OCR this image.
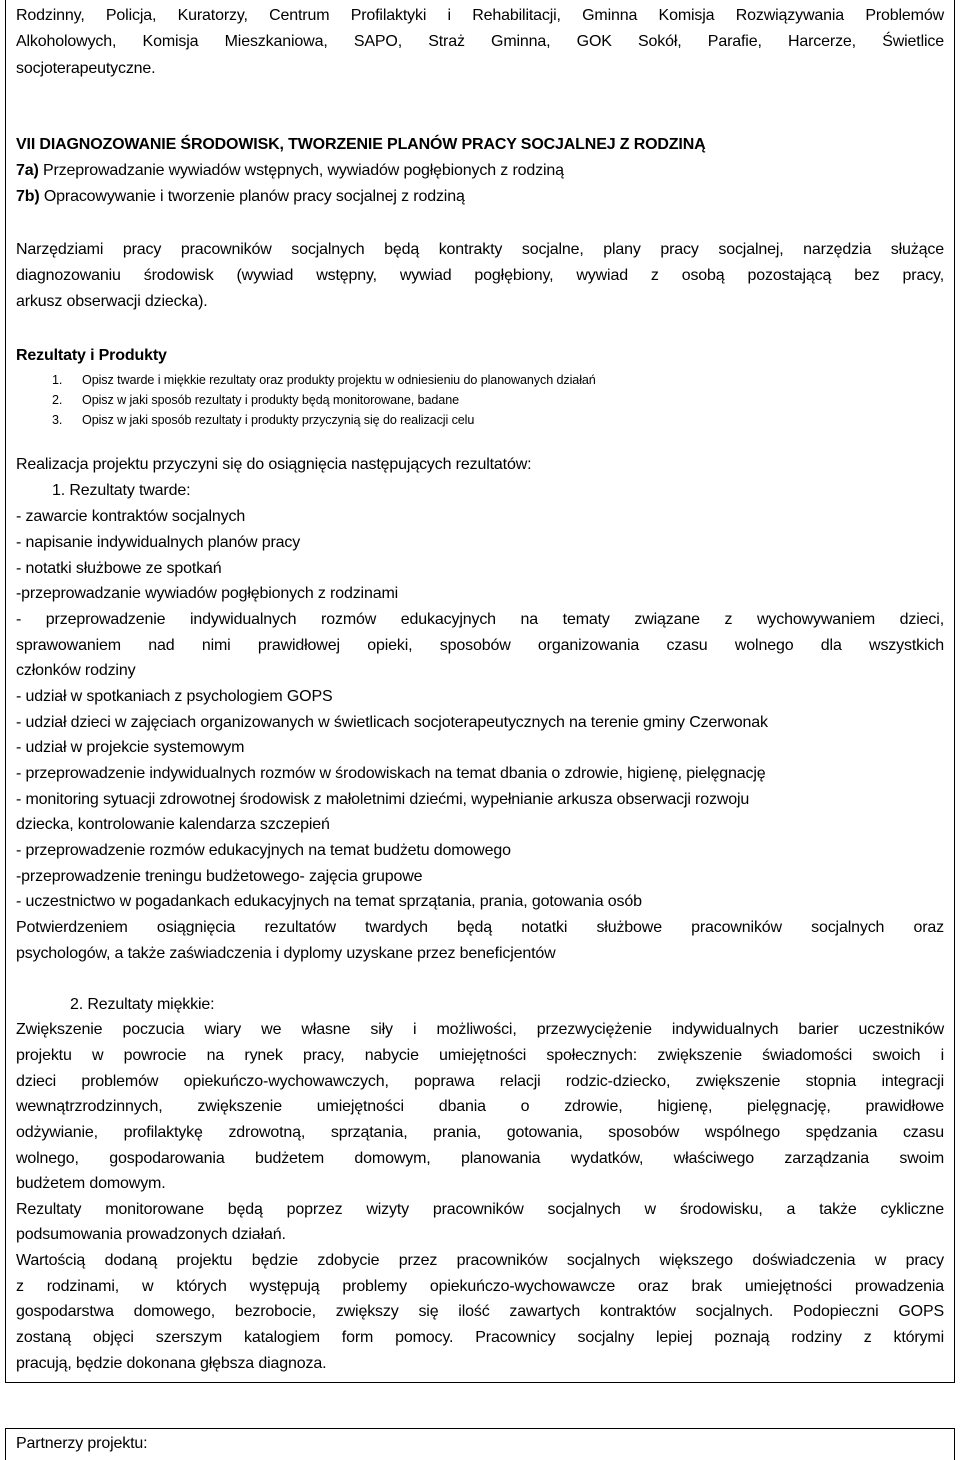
Rodzinny, Policja, Kuratorzy, Centrum Profilaktyki i Rehabilitacji, Gminna Komisja Rozwiązywania Problemów

Alkoholowych, Komisja Mieszkaniowa, SAPO, Straż Gminna, GOK Sokół, Parafie, Harcerze, Świetlice

socjoterapeutyczne.

VII DIAGNOZOWANIE ŚRODOWISK, TWORZENIE PLANÓW PRACY SOCJALNEJ Z RODZINĄ

7a) Przeprowadzanie wywiadów wstępnych, wywiadów pogłębionych z rodziną

7b) Opracowywanie i tworzenie planów pracy socjalnej z rodziną

Narzędziami pracy pracowników socjalnych będą kontrakty socjalne, plany pracy socjalnej, narzędzia służące

diagnozowaniu środowisk (wywiad wstępny, wywiad pogłębiony, wywiad z osobą pozostającą bez pracy,

arkusz obserwacji dziecka).

Rezultaty i Produkty

1. Opisz twarde i miękkie rezultaty oraz produkty projektu w odniesieniu do planowanych działań

2. Opisz w jaki sposób rezultaty i produkty będą monitorowane, badane

3. Opisz w jaki sposób rezultaty i produkty przyczynią się do realizacji celu

Realizacja projektu przyczyni się do osiągnięcia następujących rezultatów:

1. Rezultaty twarde:

- zawarcie kontraktów socjalnych

- napisanie indywidualnych planów pracy

- notatki służbowe ze spotkań

-przeprowadzanie wywiadów pogłębionych z rodzinami

- przeprowadzenie indywidualnych rozmów edukacyjnych na tematy związane z wychowywaniem dzieci,

sprawowaniem nad nimi prawidłowej opieki, sposobów organizowania czasu wolnego dla wszystkich

członków rodziny

- udział w spotkaniach z psychologiem GOPS

- udział dzieci w zajęciach organizowanych w świetlicach socjoterapeutycznych na terenie gminy Czerwonak

- udział w projekcie systemowym

- przeprowadzenie indywidualnych rozmów w środowiskach na temat dbania o zdrowie, higienę, pielęgnację

- monitoring sytuacji zdrowotnej środowisk z małoletnimi dziećmi, wypełnianie arkusza obserwacji rozwoju

dziecka, kontrolowanie kalendarza szczepień

- przeprowadzenie rozmów edukacyjnych na temat budżetu domowego

-przeprowadzenie treningu budżetowego- zajęcia grupowe

- uczestnictwo w pogadankach edukacyjnych na temat sprzątania, prania, gotowania osób

Potwierdzeniem osiągnięcia rezultatów twardych będą notatki służbowe pracowników socjalnych oraz

psychologów, a także zaświadczenia i dyplomy uzyskane przez beneficjentów

2. Rezultaty miękkie:

Zwiększenie poczucia wiary we własne siły i możliwości, przezwyciężenie indywidualnych barier uczestników

projektu w powrocie na rynek pracy, nabycie umiejętności społecznych: zwiększenie świadomości swoich i

dzieci problemów opiekuńczo-wychowawczych, poprawa relacji rodzic-dziecko, zwiększenie stopnia integracji

wewnątrzrodzinnych, zwiększenie umiejętności dbania o zdrowie, higienę, pielęgnację, prawidłowe

odżywianie, profilaktykę zdrowotną, sprzątania, prania, gotowania, sposobów wspólnego spędzania czasu

wolnego, gospodarowania budżetem domowym, planowania wydatków, właściwego zarządzania swoim

budżetem domowym.

Rezultaty monitorowane będą poprzez wizyty pracowników socjalnych w środowisku, a także cykliczne

podsumowania prowadzonych działań.

Wartością dodaną projektu będzie zdobycie przez pracowników socjalnych większego doświadczenia w pracy

z rodzinami, w których występują problemy opiekuńczo-wychowawcze oraz brak umiejętności prowadzenia

gospodarstwa domowego, bezrobocie, zwiększy się ilość zawartych kontraktów socjalnych. Podopieczni GOPS

zostaną objęci szerszym katalogiem form pomocy. Pracownicy socjalny lepiej poznają rodziny z którymi

pracują, będzie dokonana głębsza diagnoza.

Partnerzy projektu:
